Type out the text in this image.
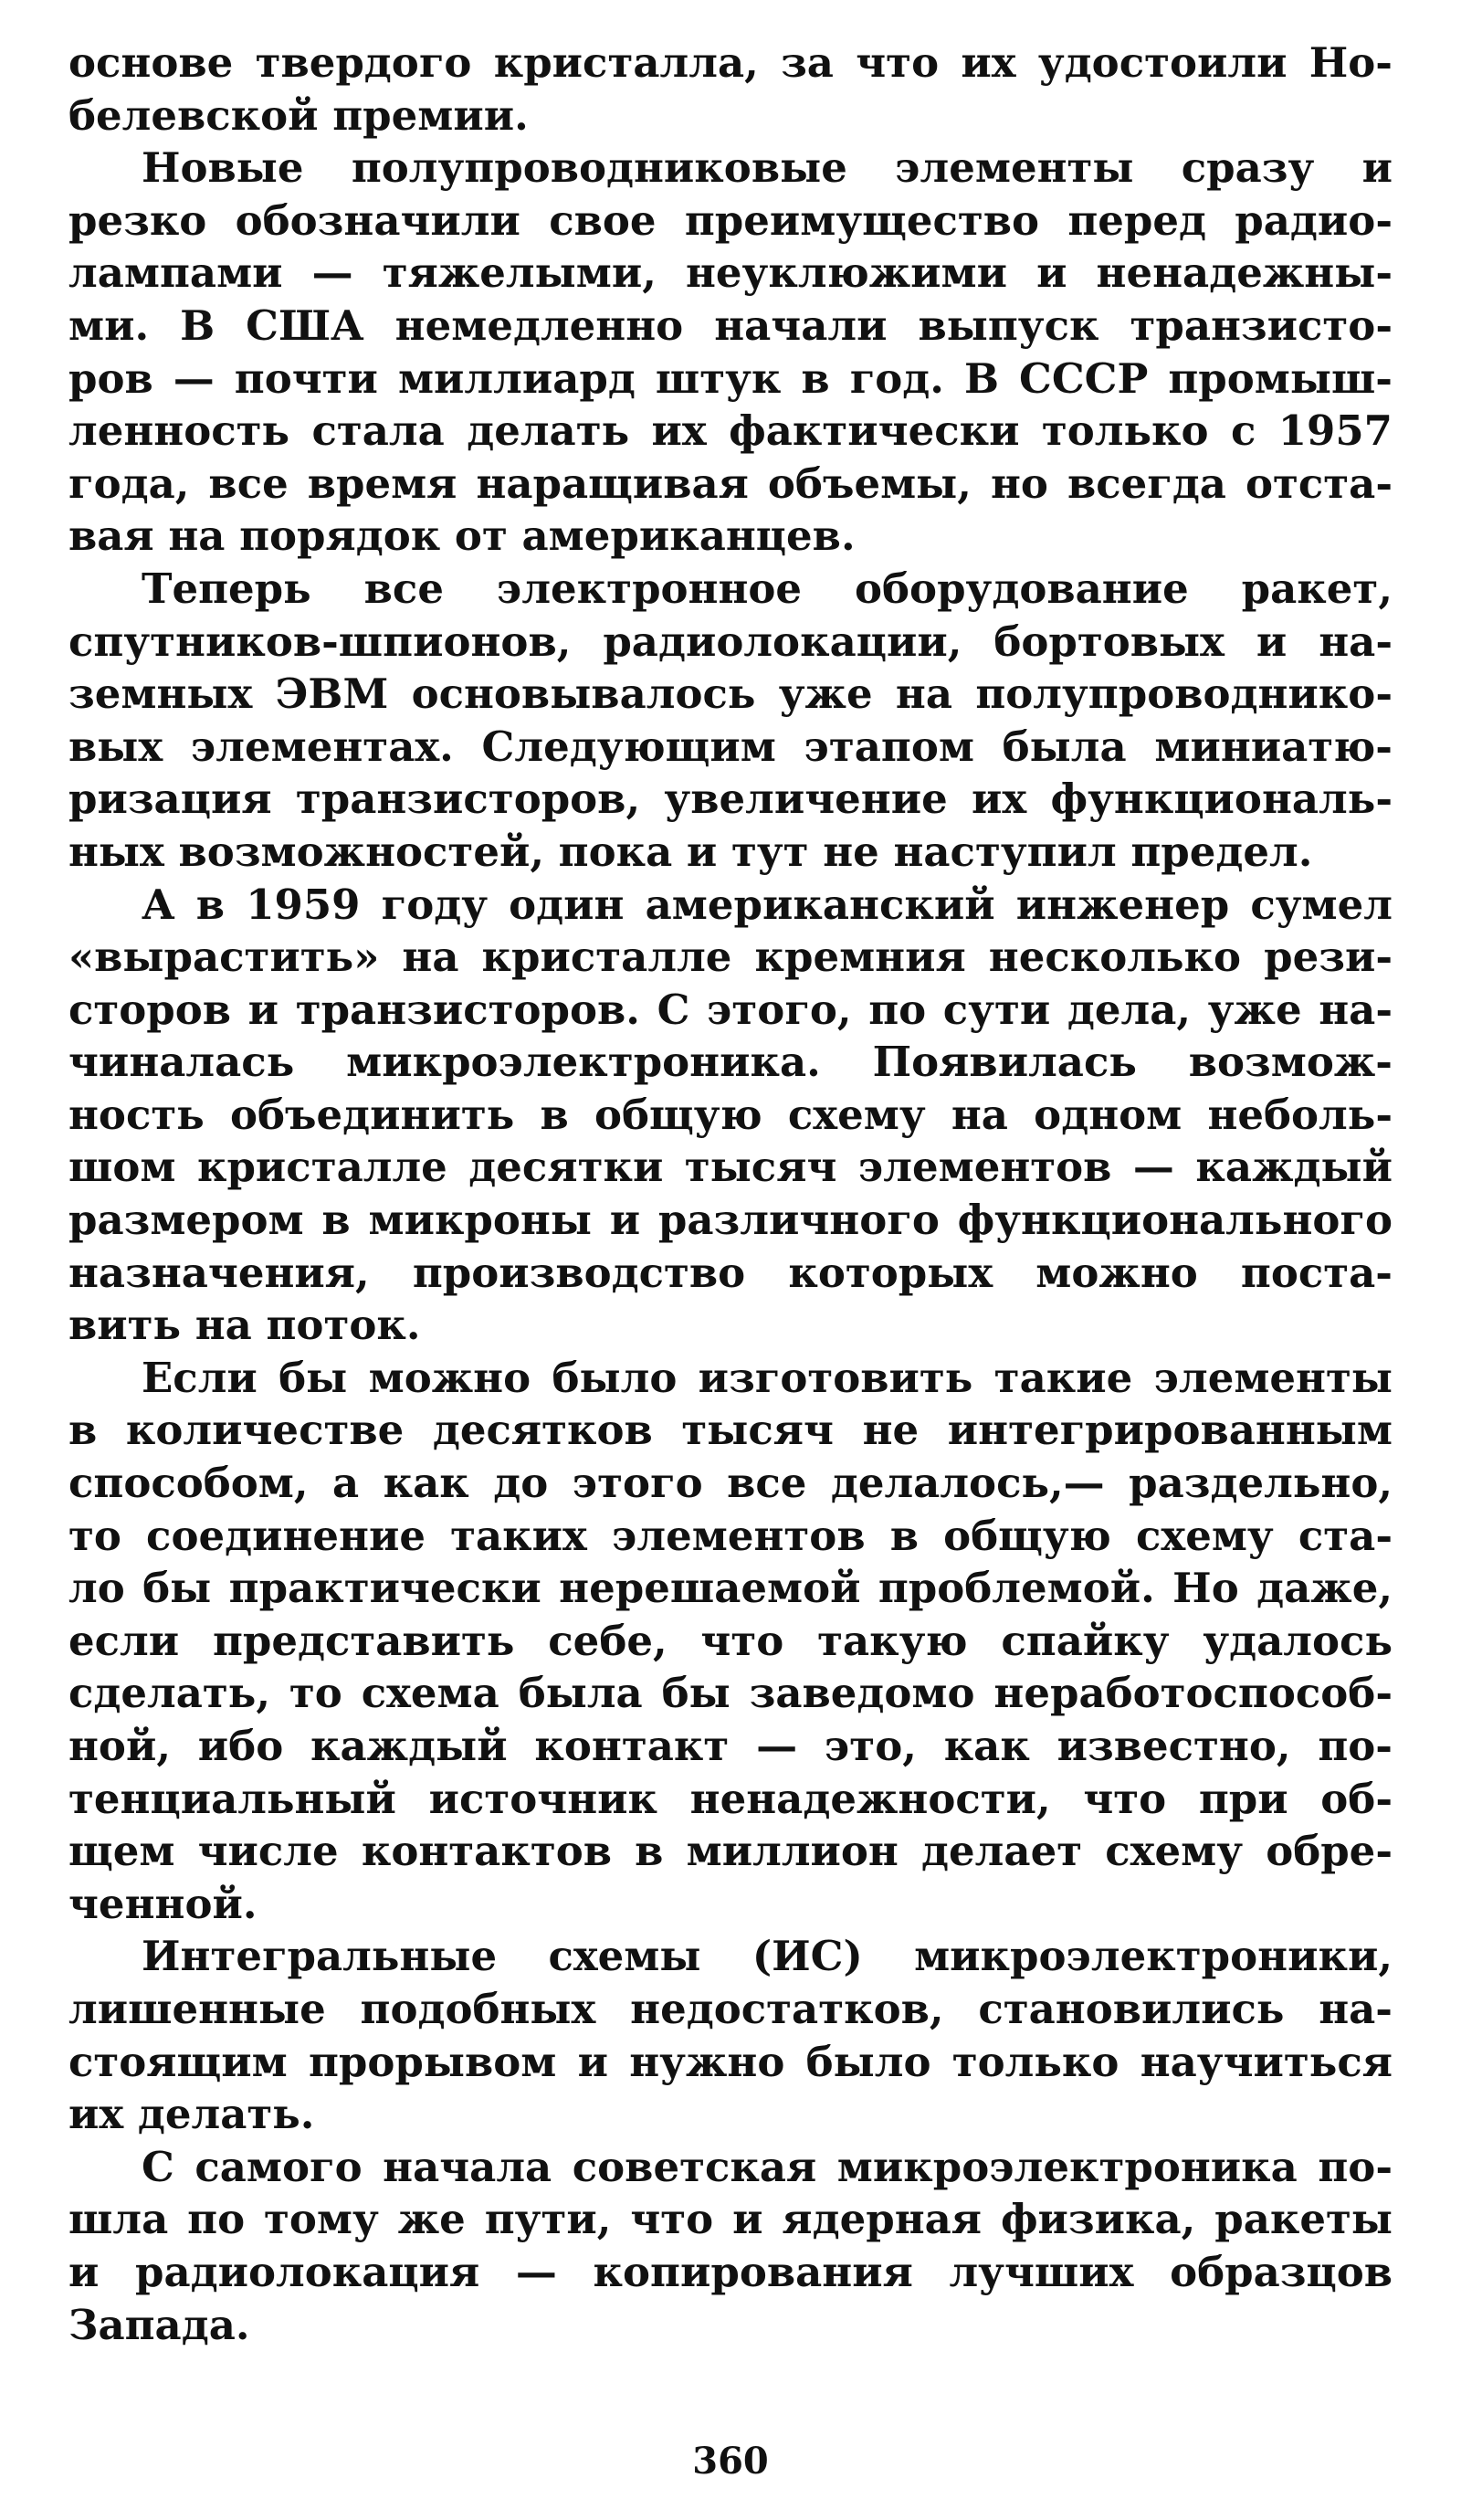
основе твердого кристалла, за что их удостоили Но-
белевской премии.
Новые полупроводниковые элементы сразу и
резко обозначили свое преимущество перед радио-
лампами — тяжелыми, неуклюжими и ненадежны-
ми. В США немедленно начали выпуск транзисто-
ров — почти миллиард штук в год. В СССР промыш-
ленность стала делать их фактически только с 1957
года, все время наращивая объемы, но всегда отста-
вая на порядок от американцев.
Теперь все электронное оборудование ракет,
спутников-шпионов, радиолокации, бортовых и на-
земных ЭВМ основывалось уже на полупроводнико-
вых элементах. Следующим этапом была миниатю-
ризация транзисторов, увеличение их функциональ-
ных возможностей, пока и тут не наступил предел.
А в 1959 году один американский инженер сумел
«вырастить» на кристалле кремния несколько рези-
сторов и транзисторов. С этого, по сути дела, уже на-
чиналась микроэлектроника. Появилась возмож-
ность объединить в общую схему на одном неболь-
шом кристалле десятки тысяч элементов — каждый
размером в микроны и различного функционального
назначения, производство которых можно поста-
вить на поток.
Если бы можно было изготовить такие элементы
в количестве десятков тысяч не интегрированным
способом, а как до этого все делалось,— раздельно,
то соединение таких элементов в общую схему ста-
ло бы практически нерешаемой проблемой. Но даже,
если представить себе, что такую спайку удалось
сделать, то схема была бы заведомо неработоспособ-
ной, ибо каждый контакт — это, как известно, по-
тенциальный источник ненадежности, что при об-
щем числе контактов в миллион делает схему обре-
ченной.
Интегральные схемы (ИС) микроэлектроники,
лишенные подобных недостатков, становились на-
стоящим прорывом и нужно было только научиться
их делать.
С самого начала советская микроэлектроника по-
шла по тому же пути, что и ядерная физика, ракеты
и радиолокация — копирования лучших образцов
Запада.
360
